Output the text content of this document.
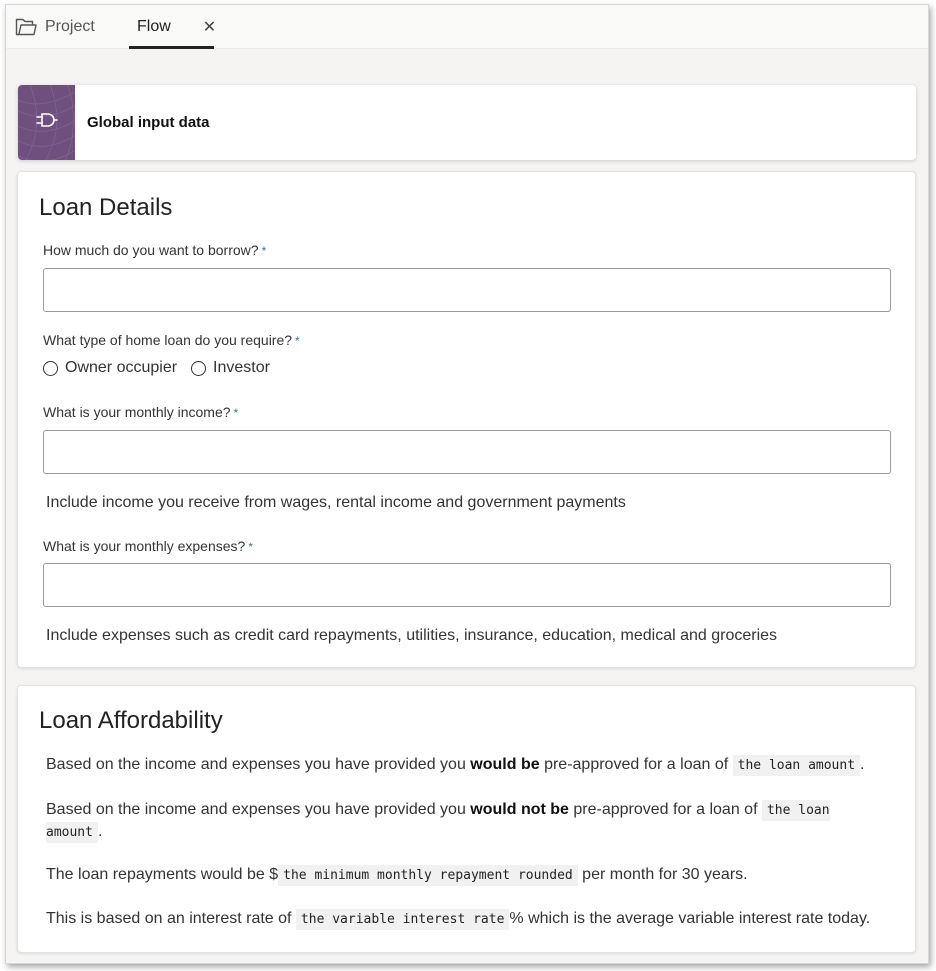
Project	Flow ✕
Global input data
Loan Details
How much do you want to borrow? *
What type of home loan do you require? *
Owner occupier Investor
What is your monthly income? *
Include income you receive from wages, rental income and government payments
What is your monthly expenses? *
Include expenses such as credit card repayments, utilities, insurance, education, medical and groceries
Loan Affordability
Based on the income and expenses you have provided you would be pre-approved for a loan of the loan amount .
Based on the income and expenses you have provided you would not be pre-approved for a loan of the loan amount .
The loan repayments would be $ the minimum monthly repayment rounded per month for 30 years.
This is based on an interest rate of the variable interest rate % which is the average variable interest rate today.
